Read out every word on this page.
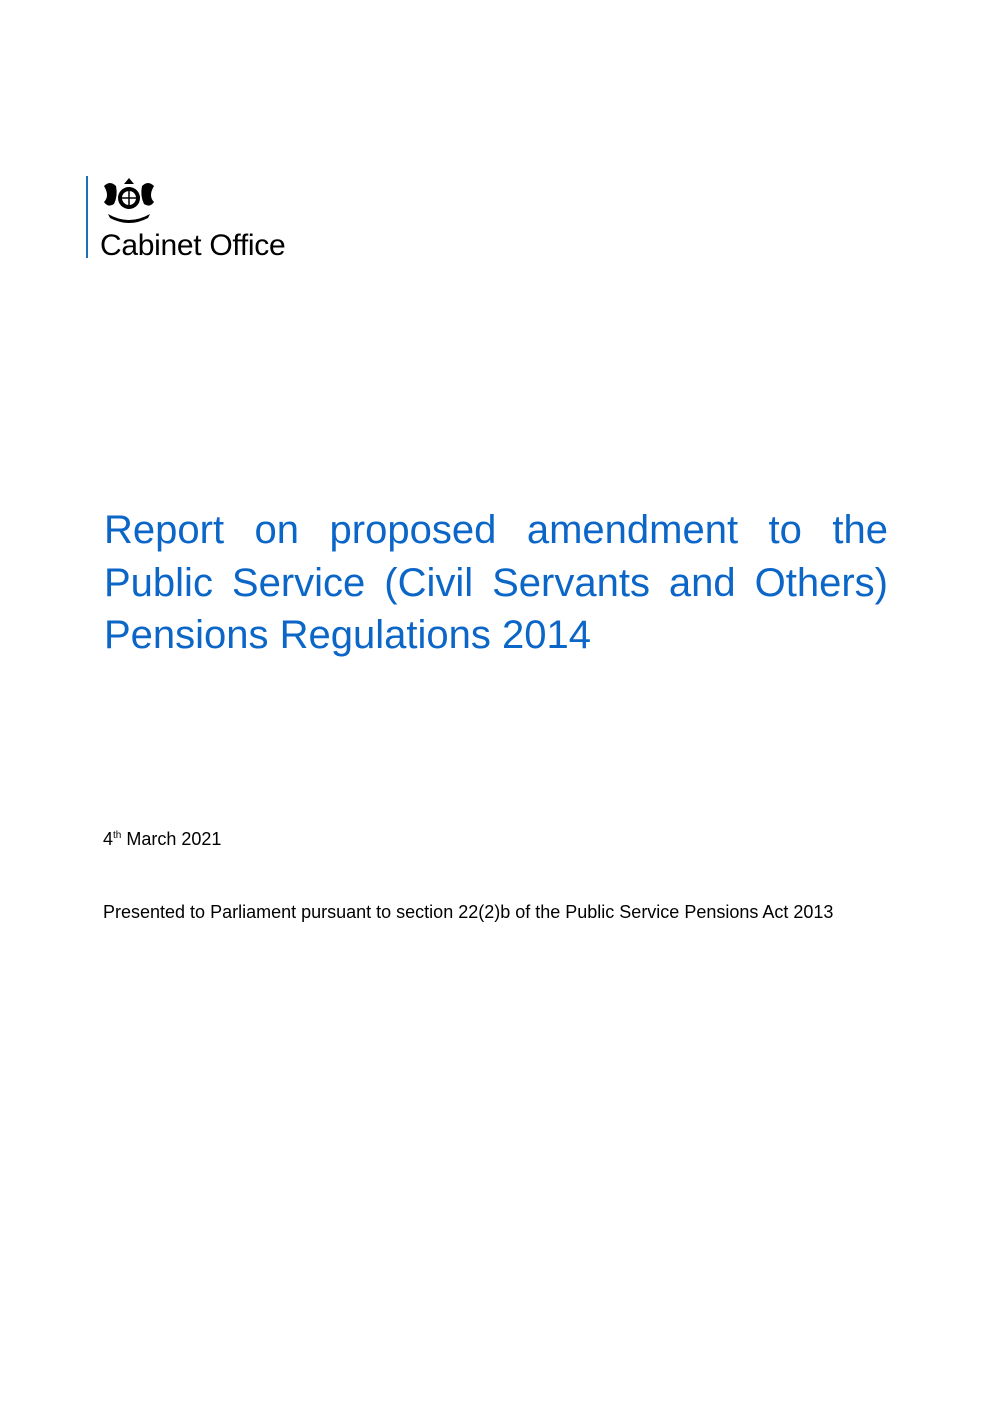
Cabinet Office
Report on proposed amendment to the Public Service (Civil Servants and Others) Pensions Regulations 2014
4th March 2021
Presented to Parliament pursuant to section 22(2)b of the Public Service Pensions Act 2013
